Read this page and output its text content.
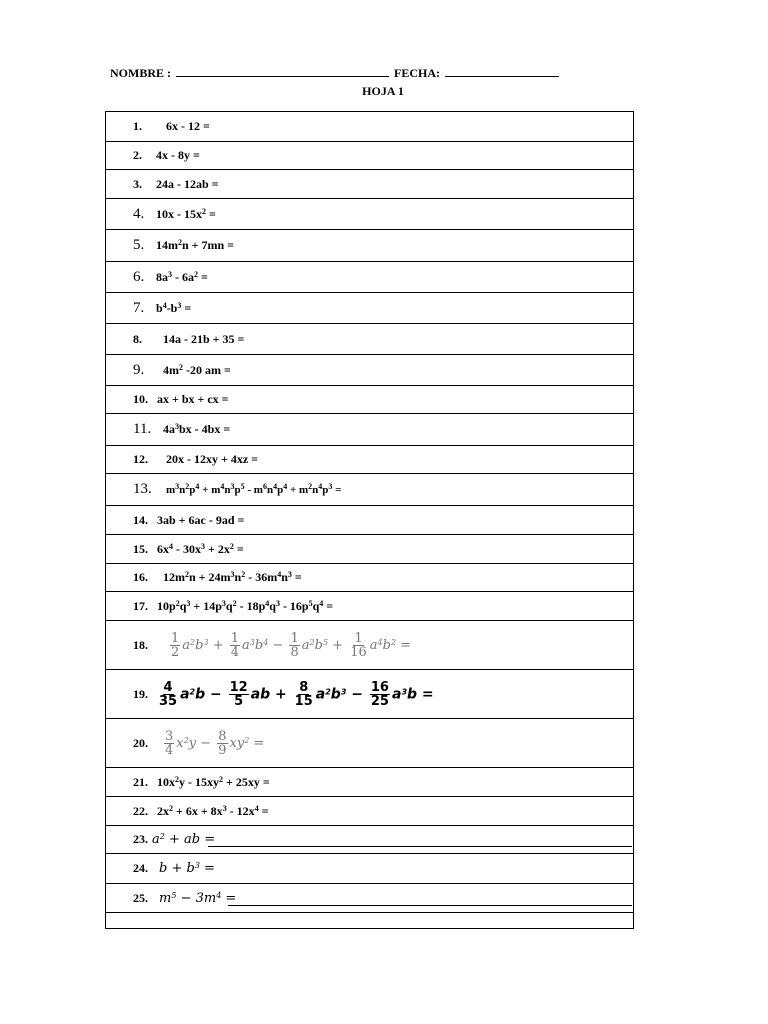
NOMBRE :	FECHA:
HOJA 1
1. 6x - 12 =
2. 4x - 8y =
3. 24a - 12ab =
4. $10x - 15x^2$ =
5. $14m^2n + 7mn$ =
6. $8a^3 - 6a^2$ =
7. $b^4-b^3$ =
8. 14a - 21b + 35 =
9. $4m^2$ -20 am =
10. ax + bx + cx =
11. $4a^3bx - 4bx$ =
12. 20x - 12xy + 4xz =
13. $m^3n^2p^4 + m^4n^3p^5 - m^6n^4p^4 + m^2n^4p^3$ =
14. 3ab + 6ac - 9ad =
15. $6x^4 - 30x^3 + 2x^2$ =
16. $12m^2n + 24m^3n^2 - 36m^4n^3$ =
17. $10p^2q^3 + 14p^3q^2 - 18p^4q^3 - 16p^5q^4$ =
18. $\frac{1}{2} a^2b^3 + \frac{1}{4} a^3b^4 - \frac{1}{8} a^2b^5 + \frac{1}{16} a^4b^2$ =
19. $\frac{4}{35} a^2b - \frac{12}{5}$ ab + $\frac{8}{15} a^2b^3 - \frac{16}{25} a^3b$ =
20. $\frac{3}{4} x^2y - \frac{8}{9} xy^2$ =
21. $10x^2y - 15xy^2 + 25xy$ =
22. $2x^2 + 6x + 8x^3 - 12x^4$ =
23. $a^2$ + ab =
24. $b + b^3$ =
25. $m^5 - 3m^4$ =
